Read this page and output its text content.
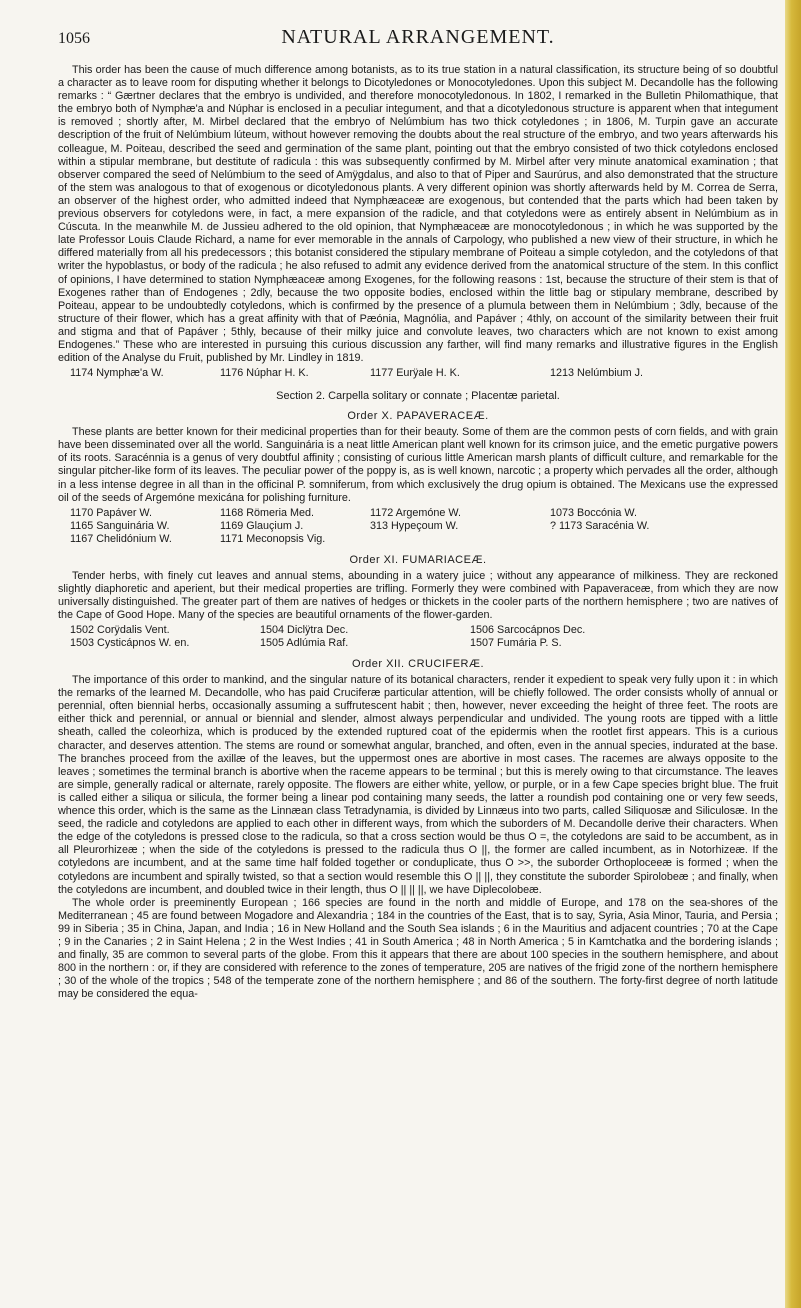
1056	NATURAL ARRANGEMENT.

This order has been the cause of much difference among botanists, as to its true station in a natural classification, its structure being of so doubtful a character as to leave room for disputing whether it belongs to Dicotyledones or Monocotyledones. Upon this subject M. Decandolle has the following remarks : “ Gærtner declares that the embryo is undivided, and therefore monocotyledonous. In 1802, I remarked in the Bulletin Philomathique, that the embryo both of Nymphæ'a and Núphar is enclosed in a peculiar integument, and that a dicotyledonous structure is apparent when that integument is removed ; shortly after, M. Mirbel declared that the embryo of Nelúmbium has two thick cotyledones ; in 1806, M. Turpin gave an accurate description of the fruit of Nelúmbium lúteum, without however removing the doubts about the real structure of the embryo, and two years afterwards his colleague, M. Poiteau, described the seed and germination of the same plant, pointing out that the embryo consisted of two thick cotyledons enclosed within a stipular membrane, but destitute of radicula : this was subsequently confirmed by M. Mirbel after very minute anatomical examination ; that observer compared the seed of Nelúmbium to the seed of Amÿgdalus, and also to that of Piper and Saurúrus, and also demonstrated that the structure of the stem was analogous to that of exogenous or dicotyledonous plants. A very different opinion was shortly afterwards held by M. Correa de Serra, an observer of the highest order, who admitted indeed that Nymphæaceæ are exogenous, but contended that the parts which had been taken by previous observers for cotyledons were, in fact, a mere expansion of the radicle, and that cotyledons were as entirely absent in Nelúmbium as in Cúscuta. In the meanwhile M. de Jussieu adhered to the old opinion, that Nymphæaceæ are monocotyledonous ; in which he was supported by the late Professor Louis Claude Richard, a name for ever memorable in the annals of Carpology, who published a new view of their structure, in which he differed materially from all his predecessors ; this botanist considered the stipulary membrane of Poiteau a simple cotyledon, and the cotyledons of that writer the hypoblastus, or body of the radicula ; he also refused to admit any evidence derived from the anatomical structure of the stem. In this conflict of opinions, I have determined to station Nymphæaceæ among Exogenes, for the following reasons : 1st, because the structure of their stem is that of Exogenes rather than of Endogenes ; 2dly, because the two opposite bodies, enclosed within the little bag or stipulary membrane, described by Poiteau, appear to be undoubtedly cotyledons, which is confirmed by the presence of a plumula between them in Nelúmbium ; 3dly, because of the structure of their flower, which has a great affinity with that of Pæónia, Magnólia, and Papáver ; 4thly, on account of the similarity between their fruit and stigma and that of Papáver ; 5thly, because of their milky juice and convolute leaves, two characters which are not known to exist among Endogenes.” These who are interested in pursuing this curious discussion any farther, will find many remarks and illustrative figures in the English edition of the Analyse du Fruit, published by Mr. Lindley in 1819.

1174 Nymphæ'a W.	1176 Núphar H. K.	1177 Eurÿale H. K.	1213 Nelúmbium J.
Section 2. Carpella solitary or connate ; Placentæ parietal.
Order X. PAPAVERACEÆ.

These plants are better known for their medicinal properties than for their beauty. Some of them are the common pests of corn fields, and with grain have been disseminated over all the world. Sanguinária is a neat little American plant well known for its crimson juice, and the emetic purgative powers of its roots. Saracénnia is a genus of very doubtful affinity ; consisting of curious little American marsh plants of difficult culture, and remarkable for the singular pitcher-like form of its leaves. The peculiar power of the poppy is, as is well known, narcotic ; a property which pervades all the order, although in a less intense degree in all than in the officinal P. somniferum, from which exclusively the drug opium is obtained. The Mexicans use the expressed oil of the seeds of Argemóne mexicána for polishing furniture.

1170 Papáver W.	1168 Römeria Med.	1172 Argemóne W.	1073 Boccónia W.
1165 Sanguinária W.	1169 Glauçium J.	313 Hypeçoum W.	? 1173 Saracénia W.
1167 Chelidónium W.	1171 Meconopsis Vig.
Order XI. FUMARIACEÆ.

Tender herbs, with finely cut leaves and annual stems, abounding in a watery juice ; without any appearance of milkiness. They are reckoned slightly diaphoretic and aperient, but their medical properties are trifling. Formerly they were combined with Papaveraceæ, from which they are now universally distinguished. The greater part of them are natives of hedges or thickets in the cooler parts of the northern hemisphere ; two are natives of the Cape of Good Hope. Many of the species are beautiful ornaments of the flower-garden.

1502 Corÿdalis Vent.	1504 Diclÿtra Dec.	1506 Sarcocápnos Dec.
1503 Cysticápnos W. en.	1505 Adlúmia Raf.	1507 Fumária P. S.
Order XII. CRUCIFERÆ.

The importance of this order to mankind, and the singular nature of its botanical characters, render it expedient to speak very fully upon it : in which the remarks of the learned M. Decandolle, who has paid Cruciferæ particular attention, will be chiefly followed. The order consists wholly of annual or perennial, often biennial herbs, occasionally assuming a suffrutescent habit ; then, however, never exceeding the height of three feet. The roots are either thick and perennial, or annual or biennial and slender, almost always perpendicular and undivided. The young roots are tipped with a little sheath, called the coleorhiza, which is produced by the extended ruptured coat of the epidermis when the rootlet first appears. This is a curious character, and deserves attention. The stems are round or somewhat angular, branched, and often, even in the annual species, indurated at the base. The branches proceed from the axillæ of the leaves, but the uppermost ones are abortive in most cases. The racemes are always opposite to the leaves ; sometimes the terminal branch is abortive when the raceme appears to be terminal ; but this is merely owing to that circumstance. The leaves are simple, generally radical or alternate, rarely opposite. The flowers are either white, yellow, or purple, or in a few Cape species bright blue. The fruit is called either a siliqua or silicula, the former being a linear pod containing many seeds, the latter a roundish pod containing one or very few seeds, whence this order, which is the same as the Linnæan class Tetradynamia, is divided by Linnæus into two parts, called Siliquosæ and Siliculosæ. In the seed, the radicle and cotyledons are applied to each other in different ways, from which the suborders of M. Decandolle derive their characters. When the edge of the cotyledons is pressed close to the radicula, so that a cross section would be thus O =, the cotyledons are said to be accumbent, as in all Pleurorhizeæ ; when the side of the cotyledons is pressed to the radicula thus O ||, the former are called incumbent, as in Notorhizeæ. If the cotyledons are incumbent, and at the same time half folded together or conduplicate, thus O >>, the suborder Orthoploceeæ is formed ; when the cotyledons are incumbent and spirally twisted, so that a section would resemble this O || ||, they constitute the suborder Spirolobeæ ; and finally, when the cotyledons are incumbent, and doubled twice in their length, thus O || || ||, we have Diplecolobeæ.

The whole order is preeminently European ; 166 species are found in the north and middle of Europe, and 178 on the sea-shores of the Mediterranean ; 45 are found between Mogadore and Alexandria ; 184 in the countries of the East, that is to say, Syria, Asia Minor, Tauria, and Persia ; 99 in Siberia ; 35 in China, Japan, and India ; 16 in New Holland and the South Sea islands ; 6 in the Mauritius and adjacent countries ; 70 at the Cape ; 9 in the Canaries ; 2 in Saint Helena ; 2 in the West Indies ; 41 in South America ; 48 in North America ; 5 in Kamtchatka and the bordering islands ; and finally, 35 are common to several parts of the globe. From this it appears that there are about 100 species in the southern hemisphere, and about 800 in the northern : or, if they are considered with reference to the zones of temperature, 205 are natives of the frigid zone of the northern hemisphere ; 30 of the whole of the tropics ; 548 of the temperate zone of the northern hemisphere ; and 86 of the southern. The forty-first degree of north latitude may be considered the equa-
